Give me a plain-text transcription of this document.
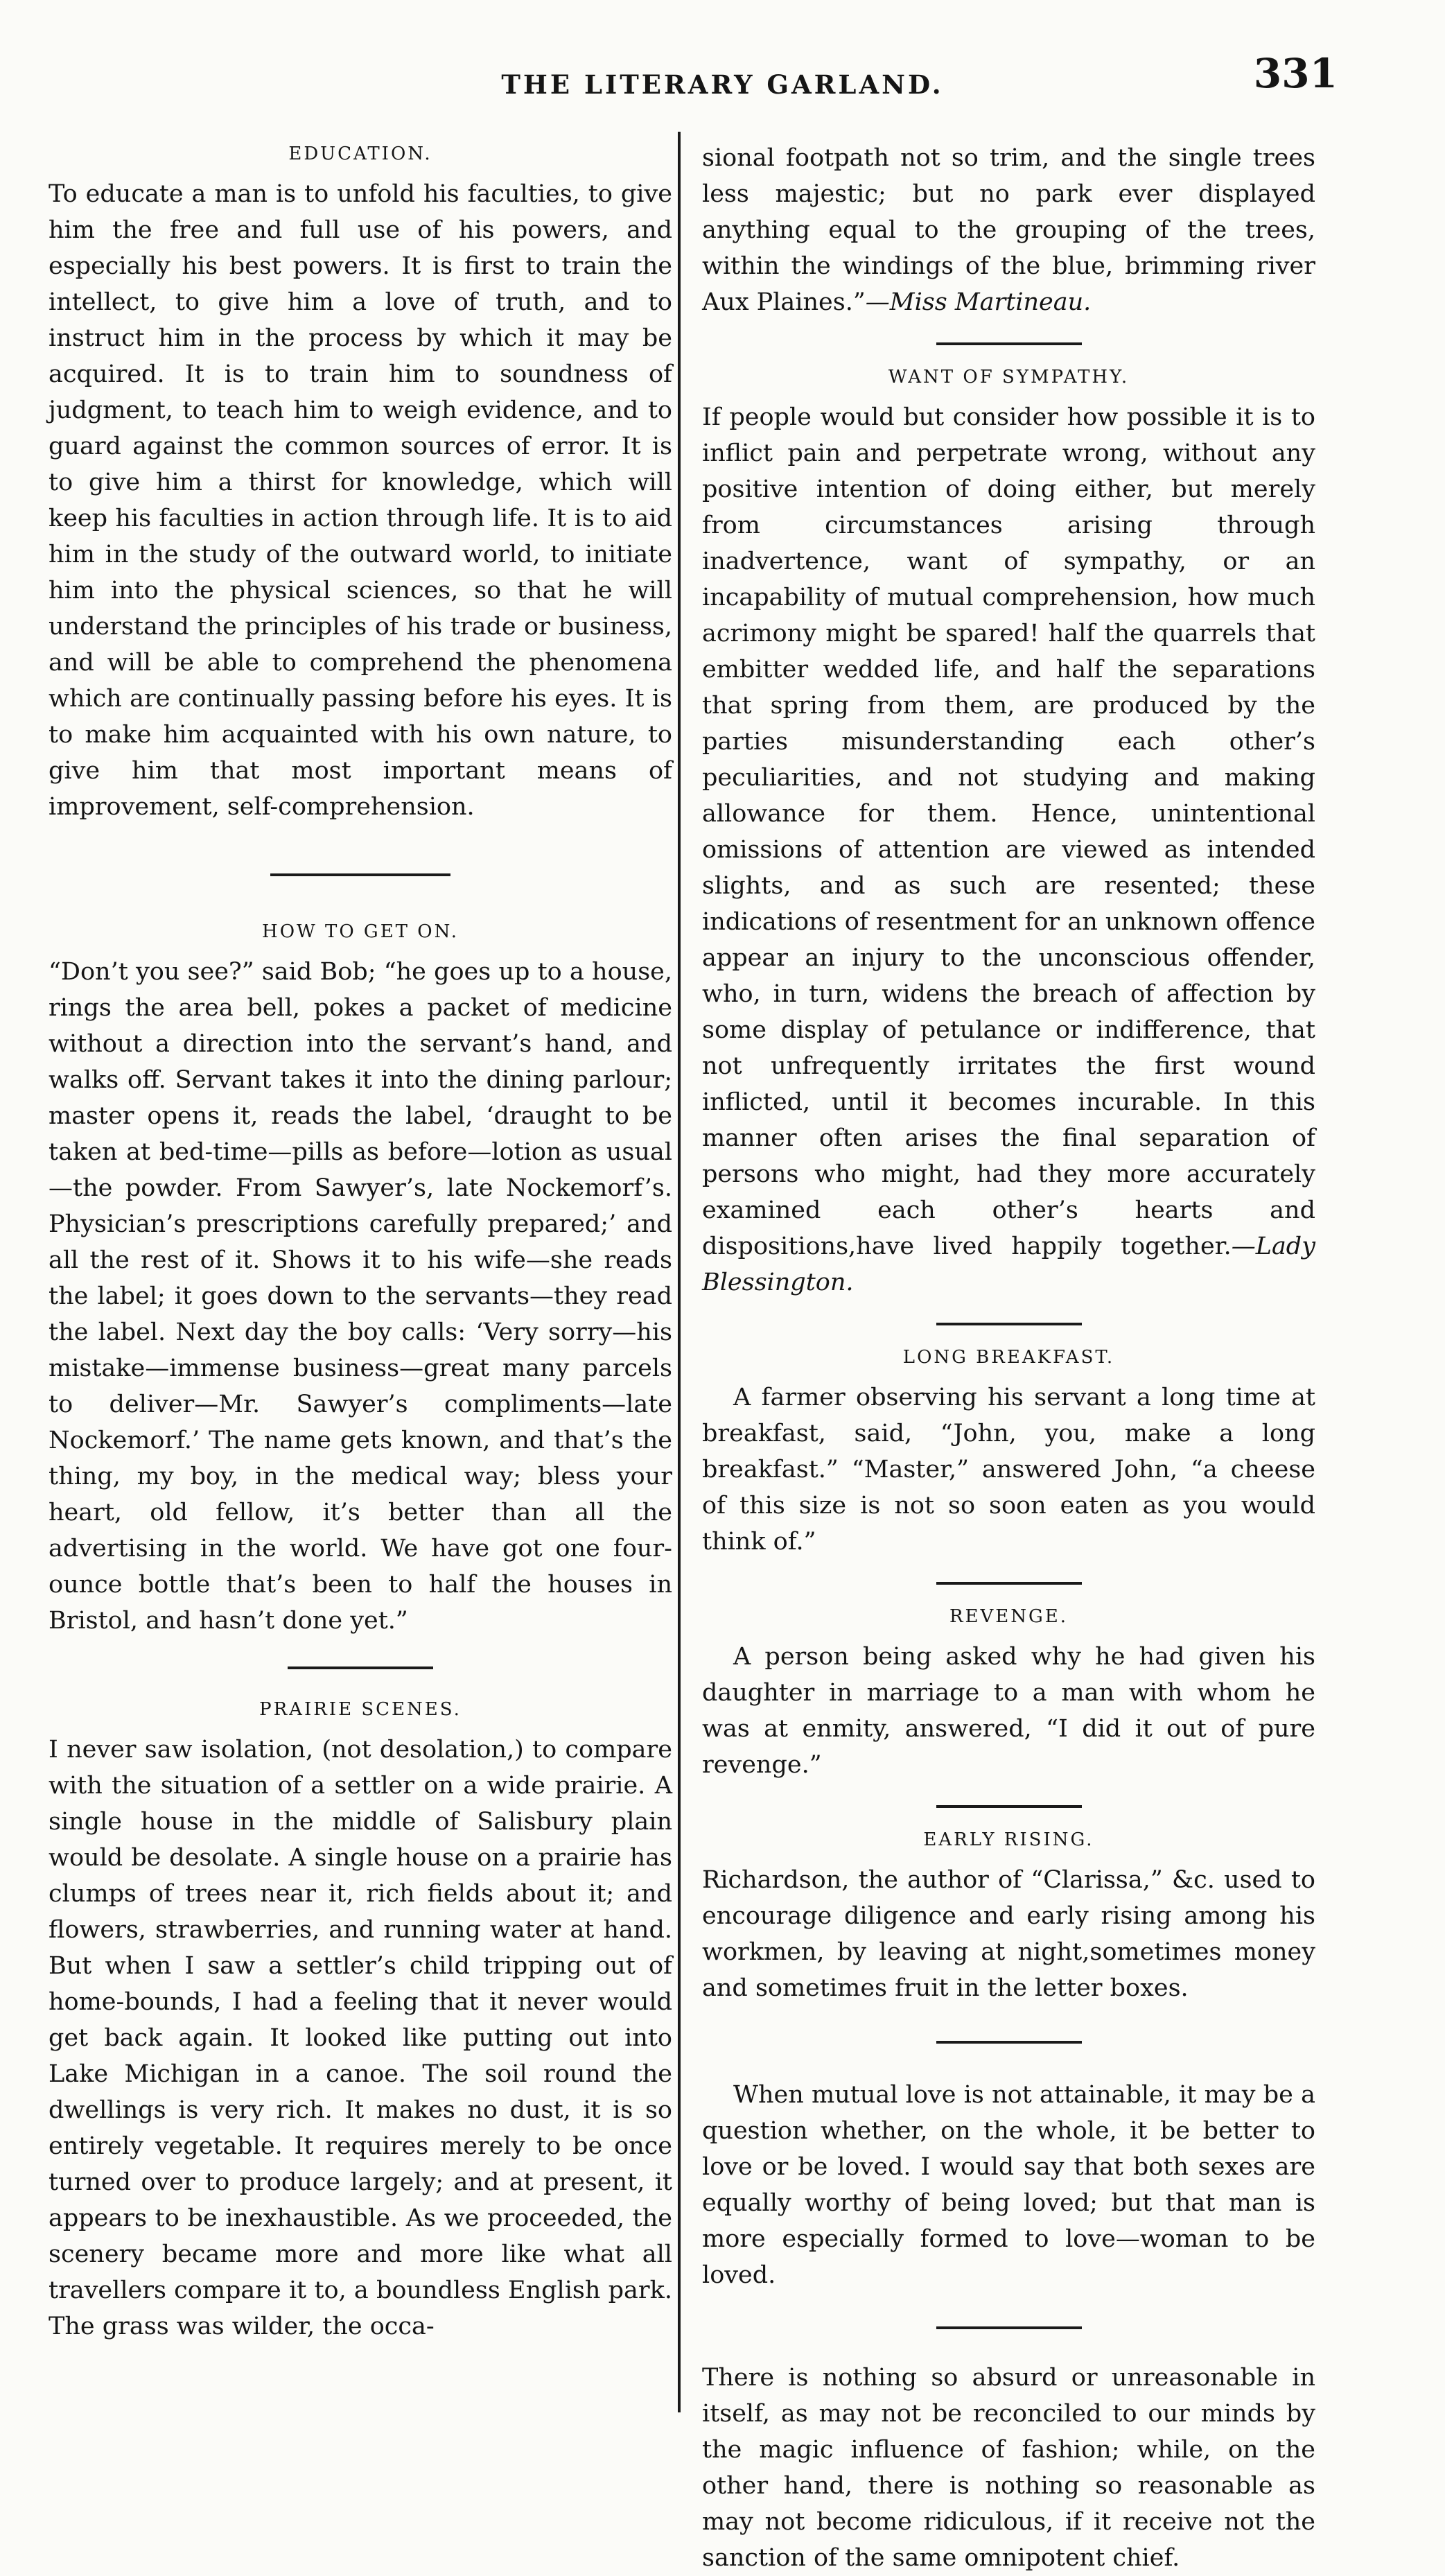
THE LITERARY GARLAND.	331
EDUCATION.

To educate a man is to unfold his faculties, to give him the free and full use of his powers, and especially his best powers. It is first to train the intellect, to give him a love of truth, and to instruct him in the process by which it may be acquired. It is to train him to soundness of judgment, to teach him to weigh evidence, and to guard against the common sources of error. It is to give him a thirst for knowledge, which will keep his faculties in action through life. It is to aid him in the study of the outward world, to initiate him into the physical sciences, so that he will understand the principles of his trade or business, and will be able to comprehend the phenomena which are continually passing before his eyes. It is to make him acquainted with his own nature, to give him that most important means of improvement, self-comprehension.

HOW TO GET ON.

“Don’t you see?” said Bob; “he goes up to a house, rings the area bell, pokes a packet of medicine without a direction into the servant’s hand, and walks off. Servant takes it into the dining parlour; master opens it, reads the label, ‘draught to be taken at bed-time—pills as before—lotion as usual—the powder. From Sawyer’s, late Nockemorf’s. Physician’s prescriptions carefully prepared;’ and all the rest of it. Shows it to his wife—she reads the label; it goes down to the servants—they read the label. Next day the boy calls: ‘Very sorry—his mistake—immense business—great many parcels to deliver—Mr. Sawyer’s compliments—late Nockemorf.’ The name gets known, and that’s the thing, my boy, in the medical way; bless your heart, old fellow, it’s better than all the advertising in the world. We have got one four-ounce bottle that’s been to half the houses in Bristol, and hasn’t done yet.”

PRAIRIE SCENES.

I never saw isolation, (not desolation,) to compare with the situation of a settler on a wide prairie. A single house in the middle of Salisbury plain would be desolate. A single house on a prairie has clumps of trees near it, rich fields about it; and flowers, strawberries, and running water at hand. But when I saw a settler’s child tripping out of home-bounds, I had a feeling that it never would get back again. It looked like putting out into Lake Michigan in a canoe. The soil round the dwellings is very rich. It makes no dust, it is so entirely vegetable. It requires merely to be once turned over to produce largely; and at present, it appears to be inexhaustible. As we proceeded, the scenery became more and more like what all travellers compare it to, a boundless English park. The grass was wilder, the occa-

sional footpath not so trim, and the single trees less majestic; but no park ever displayed anything equal to the grouping of the trees, within the windings of the blue, brimming river Aux Plaines.”—Miss Martineau.

WANT OF SYMPATHY.

If people would but consider how possible it is to inflict pain and perpetrate wrong, without any positive intention of doing either, but merely from circumstances arising through inadvertence, want of sympathy, or an incapability of mutual comprehension, how much acrimony might be spared! half the quarrels that embitter wedded life, and half the separations that spring from them, are produced by the parties misunderstanding each other’s peculiarities, and not studying and making allowance for them. Hence, unintentional omissions of attention are viewed as intended slights, and as such are resented; these indications of resentment for an unknown offence appear an injury to the unconscious offender, who, in turn, widens the breach of affection by some display of petulance or indifference, that not unfrequently irritates the first wound inflicted, until it becomes incurable. In this manner often arises the final separation of persons who might, had they more accurately examined each other’s hearts and dispositions,have lived happily together.—Lady Blessington.

LONG BREAKFAST.

A farmer observing his servant a long time at breakfast, said, “John, you, make a long breakfast.” “Master,” answered John, “a cheese of this size is not so soon eaten as you would think of.”

REVENGE.

A person being asked why he had given his daughter in marriage to a man with whom he was at enmity, answered, “I did it out of pure revenge.”

EARLY RISING.

Richardson, the author of “Clarissa,” &c. used to encourage diligence and early rising among his workmen, by leaving at night,sometimes money and sometimes fruit in the letter boxes.

When mutual love is not attainable, it may be a question whether, on the whole, it be better to love or be loved. I would say that both sexes are equally worthy of being loved; but that man is more especially formed to love—woman to be loved.

There is nothing so absurd or unreasonable in itself, as may not be reconciled to our minds by the magic influence of fashion; while, on the other hand, there is nothing so reasonable as may not become ridiculous, if it receive not the sanction of the same omnipotent chief.
